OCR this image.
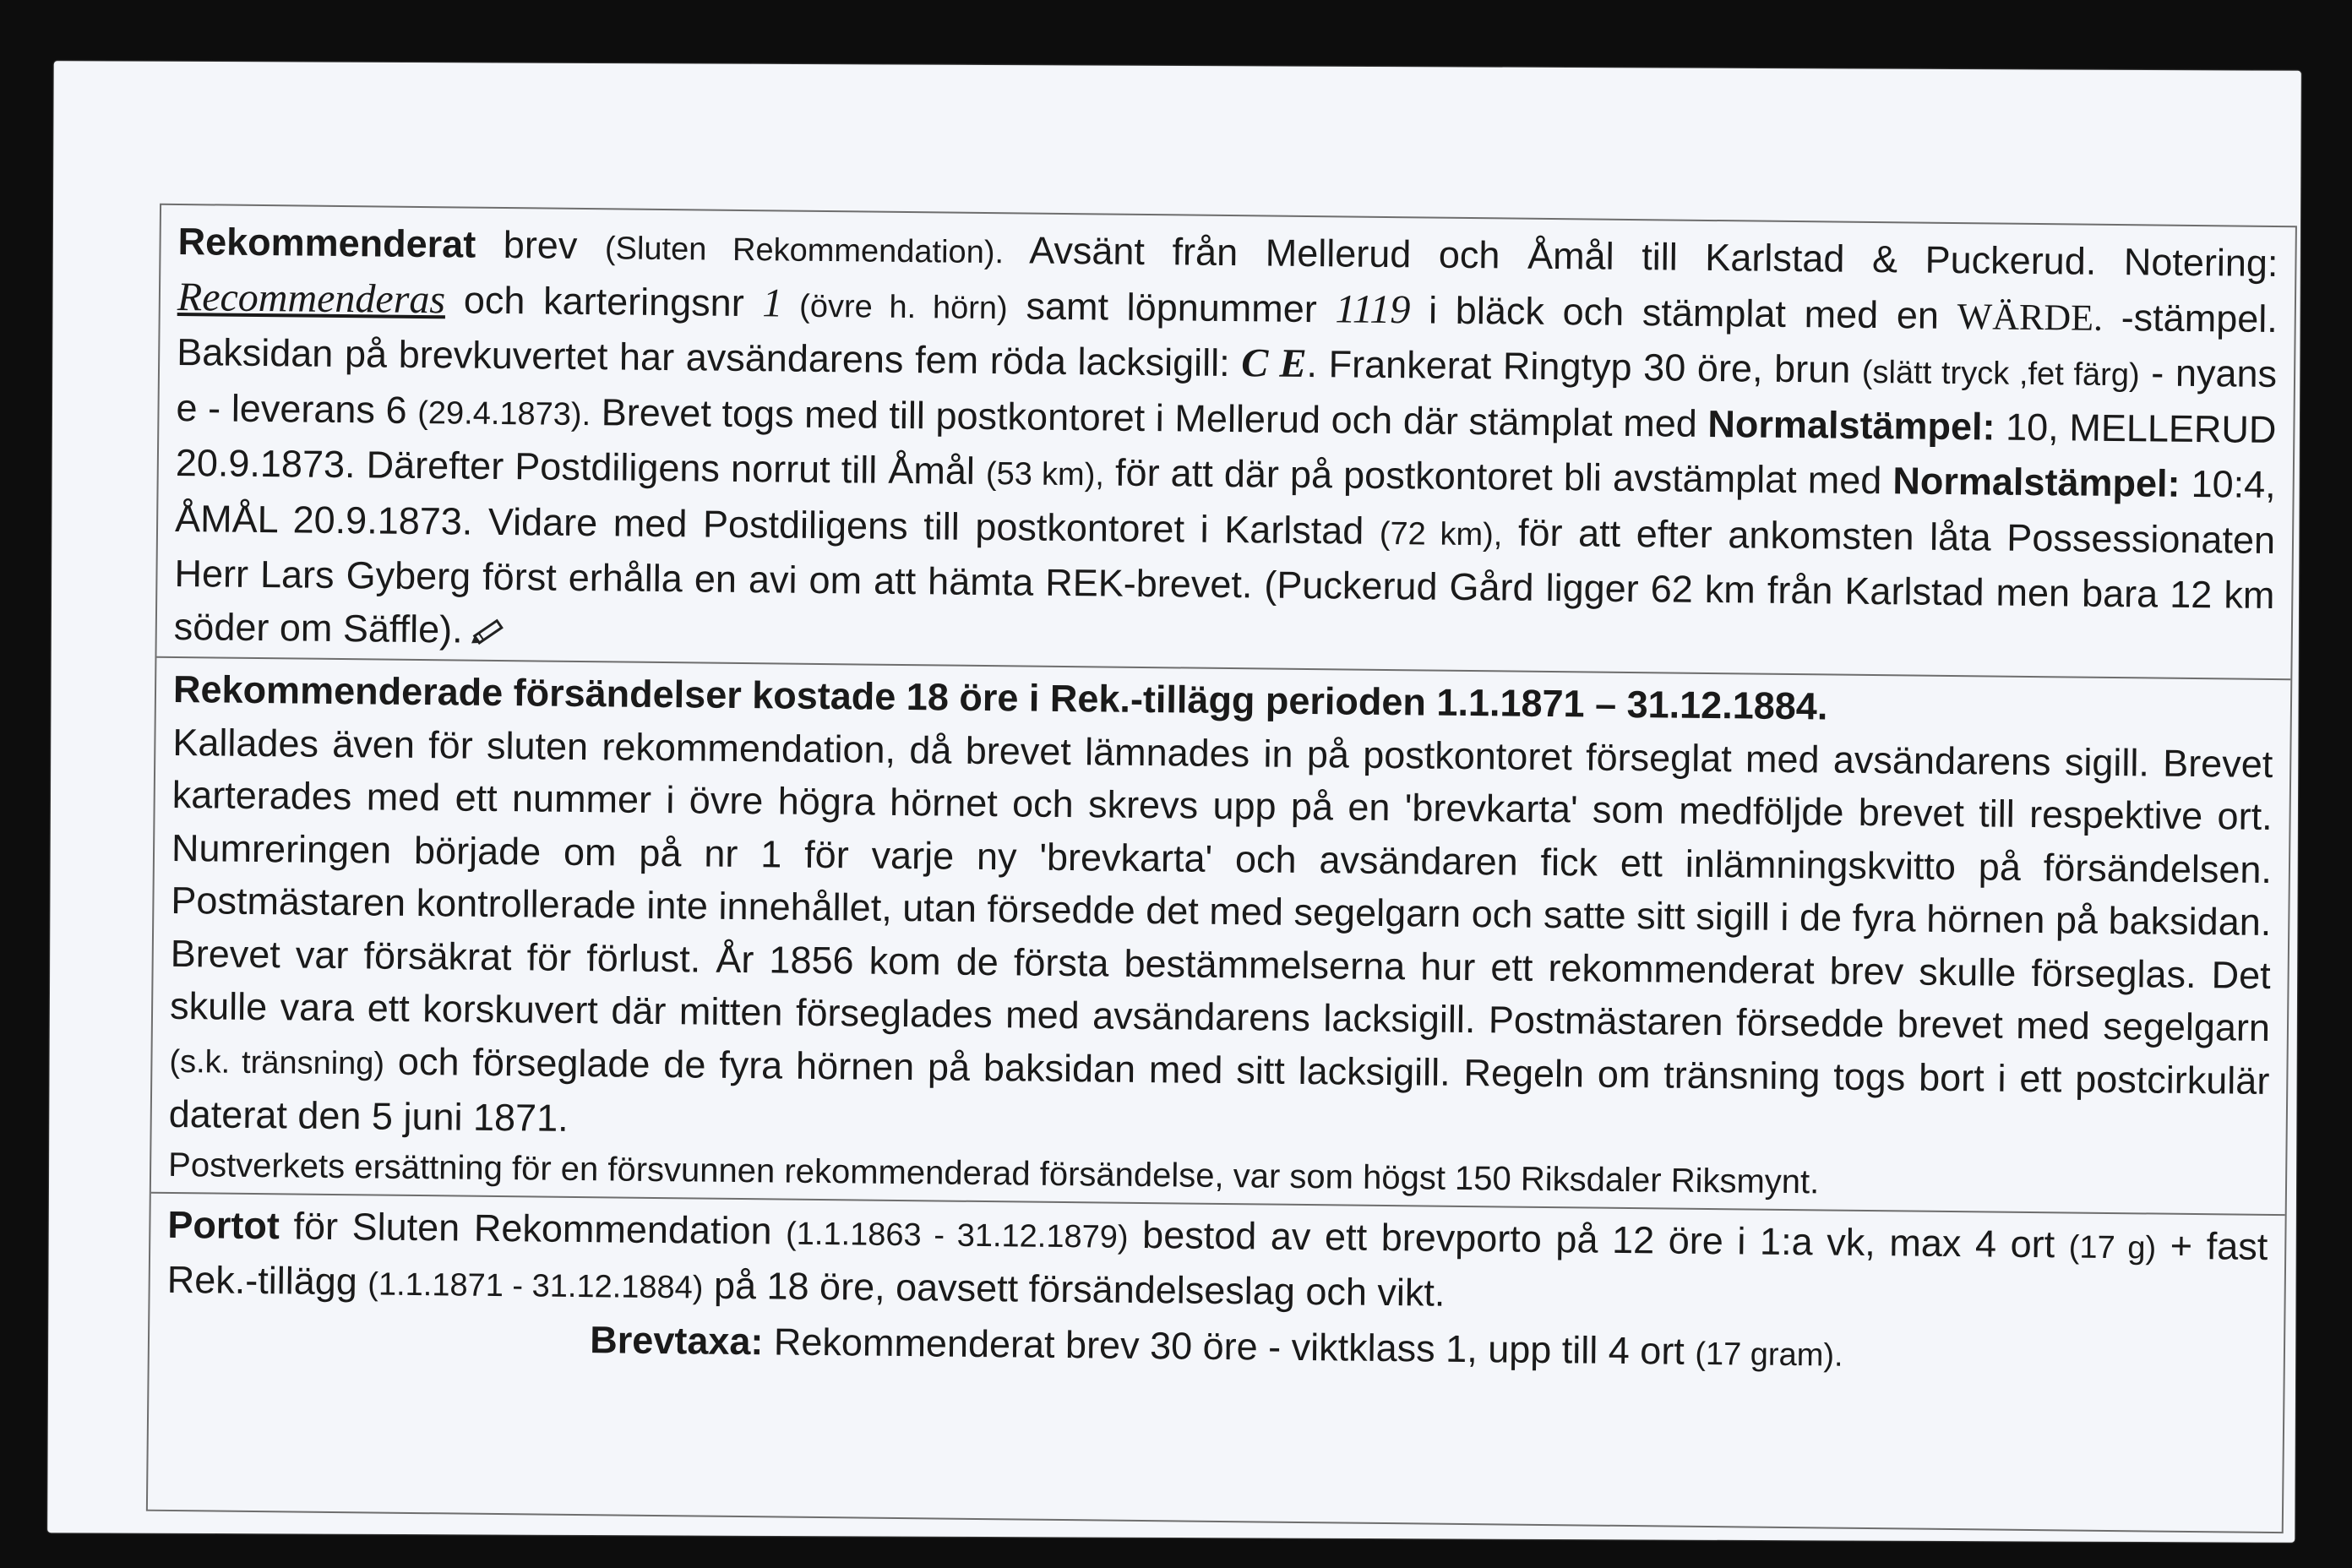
Rekommenderat brev (Sluten Rekommendation). Avsänt från Mellerud och Åmål till Karlstad & Puckerud. Notering: Recommenderas och karteringsnr 1 (övre h. hörn) samt löpnummer 1119 i bläck och stämplat med en WÄRDE. -stämpel. Baksidan på brevkuvertet har avsändarens fem röda lacksigill: C E. Frankerat Ringtyp 30 öre, brun (slätt tryck ,fet färg) - nyans e - leverans 6 (29.4.1873). Brevet togs med till postkontoret i Mellerud och där stämplat med Normalstämpel: 10, MELLERUD 20.9.1873. Därefter Postdiligens norrut till Åmål (53 km), för att där på postkontoret bli avstämplat med Normalstämpel: 10:4, ÅMÅL 20.9.1873. Vidare med Postdiligens till postkontoret i Karlstad (72 km), för att efter ankomsten låta Possessionaten Herr Lars Gyberg först erhålla en avi om att hämta REK-brevet. (Puckerud Gård ligger 62 km från Karlstad men bara 12 km söder om Säffle).

Rekommenderade försändelser kostade 18 öre i Rek.-tillägg perioden 1.1.1871 – 31.12.1884.

Kallades även för sluten rekommendation, då brevet lämnades in på postkontoret förseglat med avsändarens sigill. Brevet karterades med ett nummer i övre högra hörnet och skrevs upp på en 'brevkarta' som medföljde brevet till respektive ort. Numreringen började om på nr 1 för varje ny 'brevkarta' och avsändaren fick ett inlämningskvitto på försändelsen. Postmästaren kontrollerade inte innehållet, utan försedde det med segelgarn och satte sitt sigill i de fyra hörnen på baksidan. Brevet var försäkrat för förlust. År 1856 kom de första bestämmelserna hur ett rekommenderat brev skulle förseglas. Det skulle vara ett korskuvert där mitten förseglades med avsändarens lacksigill. Postmästaren försedde brevet med segelgarn (s.k. tränsning) och förseglade de fyra hörnen på baksidan med sitt lacksigill. Regeln om tränsning togs bort i ett postcirkulär daterat den 5 juni 1871.

Postverkets ersättning för en försvunnen rekommenderad försändelse, var som högst 150 Riksdaler Riksmynt.

Portot för Sluten Rekommendation (1.1.1863 - 31.12.1879) bestod av ett brevporto på 12 öre i 1:a vk, max 4 ort (17 g) + fast Rek.-tillägg (1.1.1871 - 31.12.1884) på 18 öre, oavsett försändelseslag och vikt.

Brevtaxa: Rekommenderat brev 30 öre - viktklass 1, upp till 4 ort (17 gram).
